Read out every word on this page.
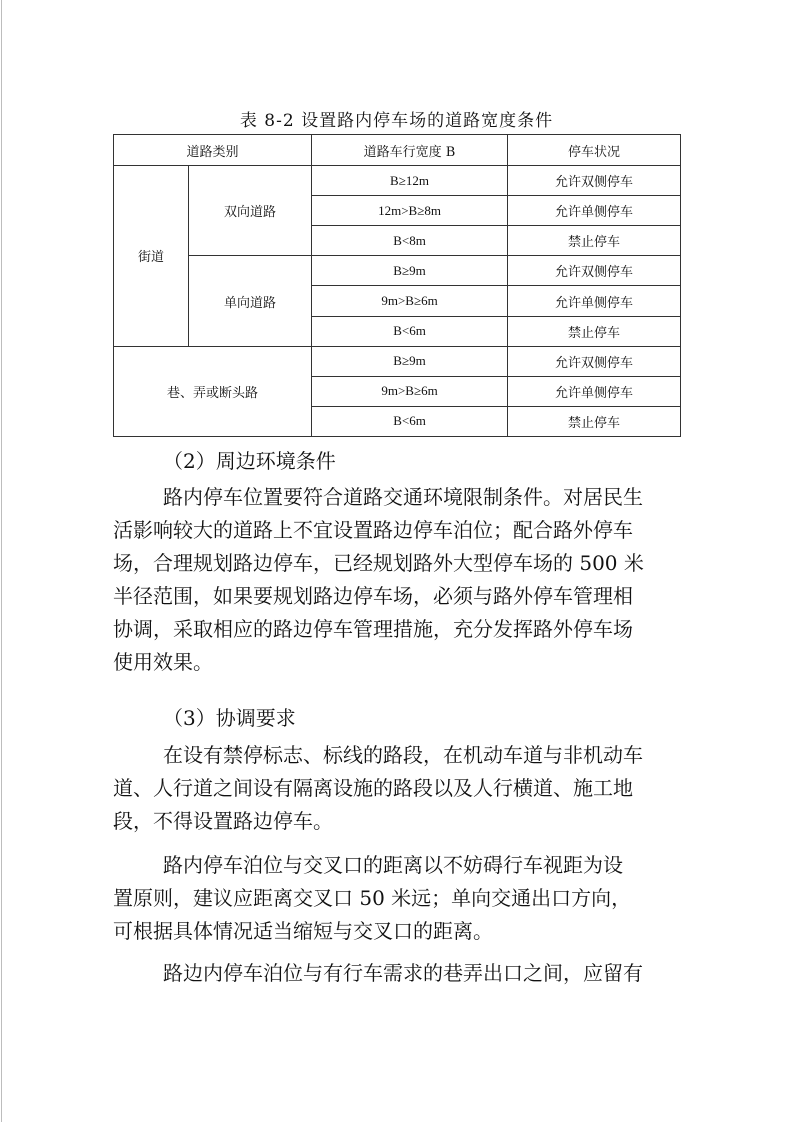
表 8-2 设置路内停车场的道路宽度条件
道路类别		道路车行宽度 B	停车状况
街道	双向道路	B≥12m	允许双侧停车
		12m>B≥8m	允许单侧停车
		B<8m	禁止停车
	单向道路	B≥9m	允许双侧停车
		9m>B≥6m	允许单侧停车
		B<6m	禁止停车
巷、弄或断头路		B≥9m	允许双侧停车
		9m>B≥6m	允许单侧停车
		B<6m	禁止停车
（2）周边环境条件

路内停车位置要符合道路交通环境限制条件。对居民生

活影响较大的道路上不宜设置路边停车泊位；配合路外停车

场，合理规划路边停车，已经规划路外大型停车场的 500 米

半径范围，如果要规划路边停车场，必须与路外停车管理相

协调，采取相应的路边停车管理措施，充分发挥路外停车场

使用效果。

（3）协调要求

在设有禁停标志、标线的路段，在机动车道与非机动车

道、人行道之间设有隔离设施的路段以及人行横道、施工地

段，不得设置路边停车。

路内停车泊位与交叉口的距离以不妨碍行车视距为设

置原则，建议应距离交叉口 50 米远；单向交通出口方向，

可根据具体情况适当缩短与交叉口的距离。

路边内停车泊位与有行车需求的巷弄出口之间，应留有
